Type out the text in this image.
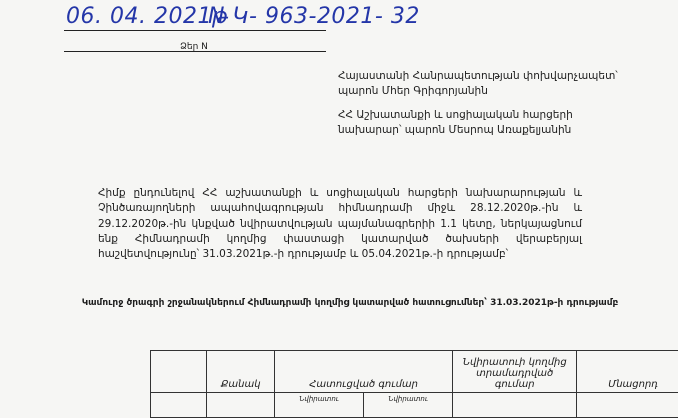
06. 04. 2021թ
N Կ- 963-2021- 32
Ձեր N
Հայաստանի Հանրապետության փոխվարչապետ՝
պարոն Մհեր Գրիգորյանին
ՀՀ Աշխատանքի և սոցիալական հարցերի
նախարար՝ պարոն Մեսրոպ Առաքելյանին

Հիմք ընդունելով ՀՀ աշխատանքի և սոցիալական հարցերի նախարարության և Չինծառայողների ապահովագրության հիմնադրամի միջև 28.12.2020թ.-ին և 29.12.2020թ.-ին կնքված նվիրատվության պայմանագրերիի 1.1 կետը, ներկայացնում ենք Հիմնադրամի կողմից փաստացի կատարված ծախսերի վերաբերյալ հաշվետվությունը՝ 31.03.2021թ.-ի դրությամբ և 05.04.2021թ.-ի դրությամբ՝

Կամուրջ ծրագրի շրջանակներում Հիմնադրամի կողմից կատարված հատուցումներ՝ 31.03.2021թ-ի դրությամբ
	Քանակ	Հատուցված գումար	Նվիրատուի կողմից տրամադրված գումար	Մնացորդ

		Նվիրատու Նվիրատու		
